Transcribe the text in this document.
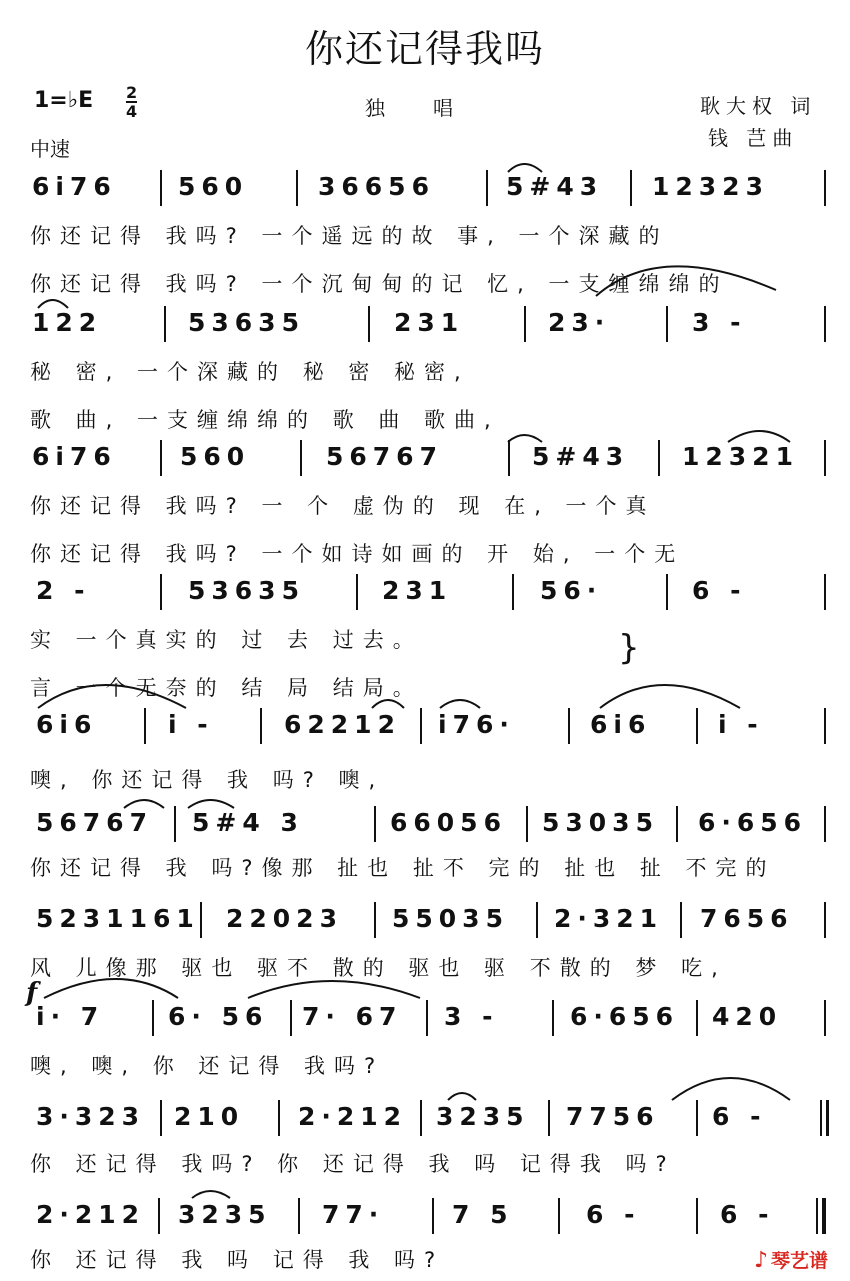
你还记得我吗
1=♭E 2
4	独唱	耿大权 词
钱 芑曲
中速
6i76 560	36656	5#43 12323
你还记得 我吗? 一个遥远的故 事, 一个深藏的
你还记得 我吗? 一个沉甸甸的记 忆, 一支缠绵绵的
122	53635	231	23·	3 -
秘 密, 一个深藏的 秘 密 秘密,
歌 曲, 一支缠绵绵的 歌 曲 歌曲,
6i76	560	56767	5#43 12321
你还记得 我吗? 一 个 虚伪的 现 在, 一个真
你还记得 我吗? 一个如诗如画的 开 始, 一个无
2 -	53635	231	56·	6 -
实 一个真实的 过 去 过去。
言 一个无奈的 结 局 结局。
}
6i6	i -	62212 i76·	6i6	i -
噢, 你还记得 我 吗? 噢,
56767 5#4 3	66056 53035 6·656
你还记得 我 吗?像那 扯也 扯不 完的 扯也 扯 不完的
5231161 22023 55035 2·321 7656
风 儿像那 驱也 驱不 散的 驱也 驱 不散的 梦 吃,
f
i· 7	6· 56 7· 67 3 -	6·656 420
噢, 噢, 你 还记得 我吗?
3·323 210 2·212 3235 7756 6 -
你 还记得 我吗? 你 还记得 我 吗 记得我 吗?
2·212 3235 77·	7 5	6 -	6 -
你 还记得 我 吗 记得 我 吗?	♪ 琴艺谱
